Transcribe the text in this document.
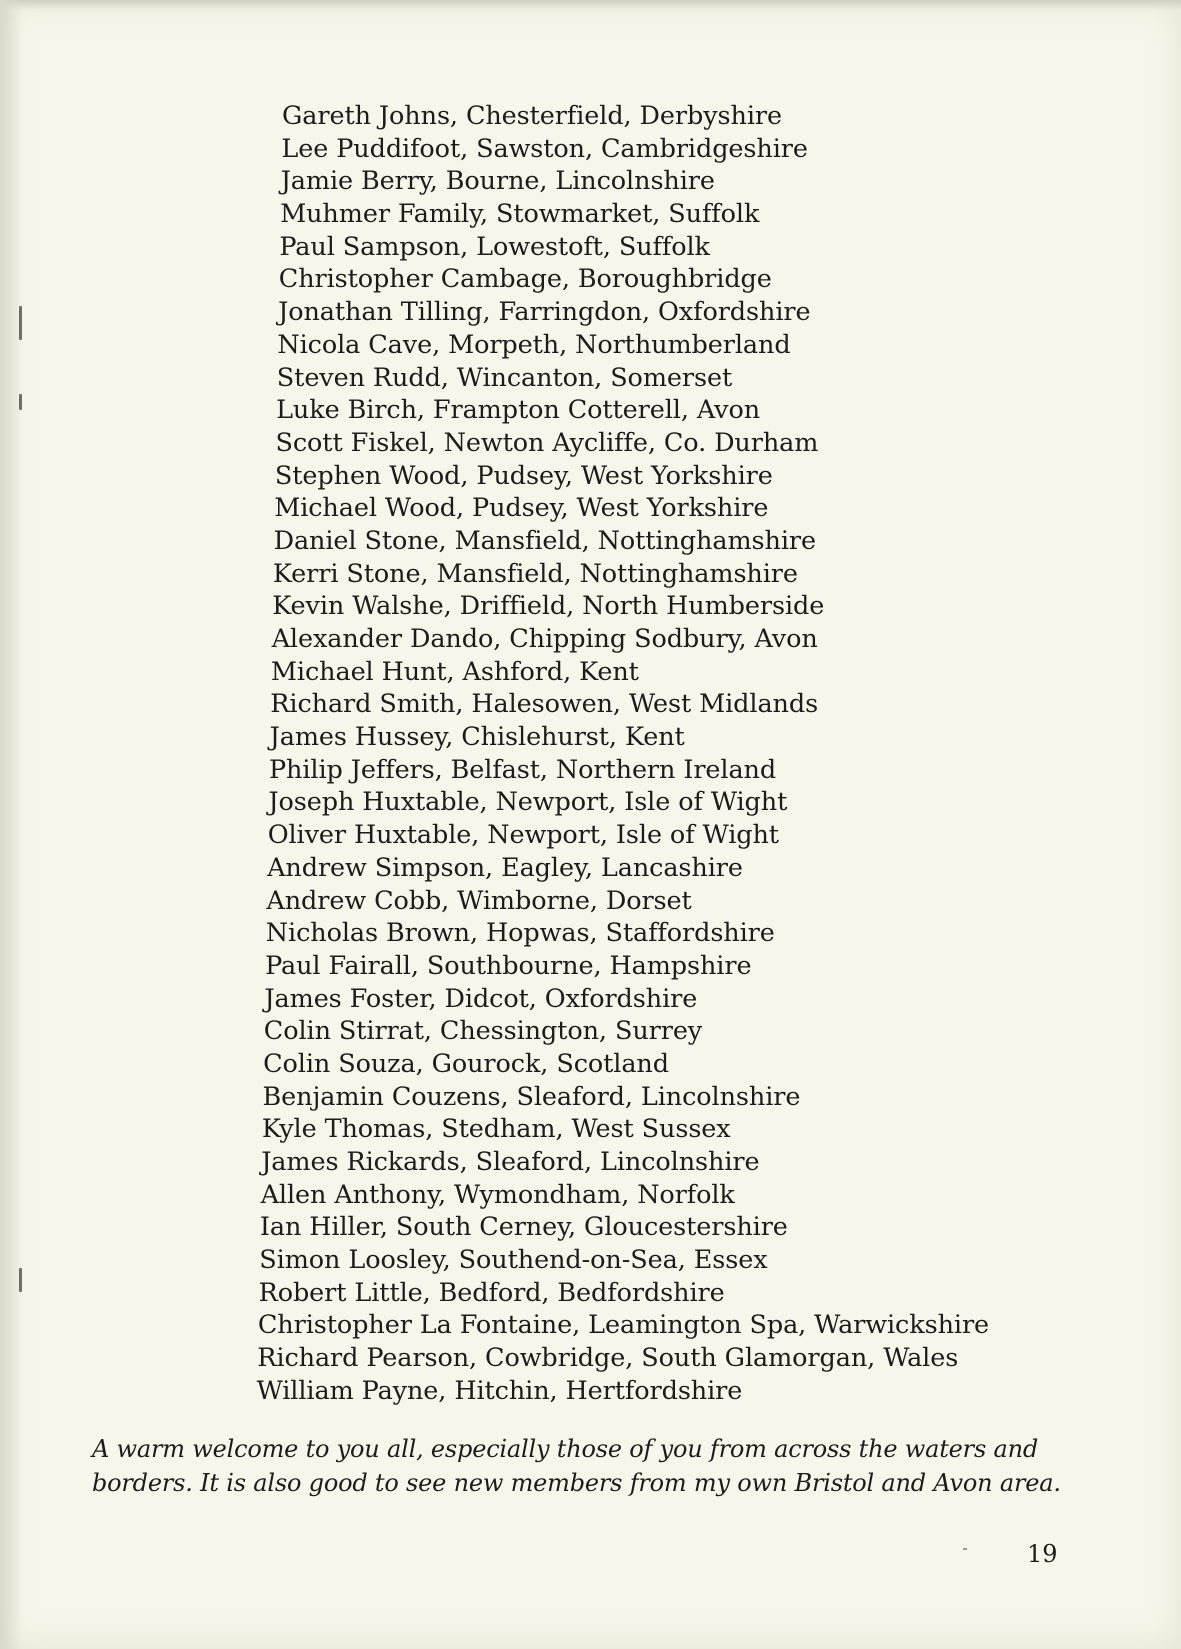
Gareth Johns, Chesterfield, Derbyshire
Lee Puddifoot, Sawston, Cambridgeshire
Jamie Berry, Bourne, Lincolnshire
Muhmer Family, Stowmarket, Suffolk
Paul Sampson, Lowestoft, Suffolk
Christopher Cambage, Boroughbridge
Jonathan Tilling, Farringdon, Oxfordshire
Nicola Cave, Morpeth, Northumberland
Steven Rudd, Wincanton, Somerset
Luke Birch, Frampton Cotterell, Avon
Scott Fiskel, Newton Aycliffe, Co. Durham
Stephen Wood, Pudsey, West Yorkshire
Michael Wood, Pudsey, West Yorkshire
Daniel Stone, Mansfield, Nottinghamshire
Kerri Stone, Mansfield, Nottinghamshire
Kevin Walshe, Driffield, North Humberside
Alexander Dando, Chipping Sodbury, Avon
Michael Hunt, Ashford, Kent
Richard Smith, Halesowen, West Midlands
James Hussey, Chislehurst, Kent
Philip Jeffers, Belfast, Northern Ireland
Joseph Huxtable, Newport, Isle of Wight
Oliver Huxtable, Newport, Isle of Wight
Andrew Simpson, Eagley, Lancashire
Andrew Cobb, Wimborne, Dorset
Nicholas Brown, Hopwas, Staffordshire
Paul Fairall, Southbourne, Hampshire
James Foster, Didcot, Oxfordshire
Colin Stirrat, Chessington, Surrey
Colin Souza, Gourock, Scotland
Benjamin Couzens, Sleaford, Lincolnshire
Kyle Thomas, Stedham, West Sussex
James Rickards, Sleaford, Lincolnshire
Allen Anthony, Wymondham, Norfolk
Ian Hiller, South Cerney, Gloucestershire
Simon Loosley, Southend-on-Sea, Essex
Robert Little, Bedford, Bedfordshire
Christopher La Fontaine, Leamington Spa, Warwickshire
Richard Pearson, Cowbridge, South Glamorgan, Wales
William Payne, Hitchin, Hertfordshire

A warm welcome to you all, especially those of you from across the waters and
borders. It is also good to see new members from my own Bristol and Avon area.

19
